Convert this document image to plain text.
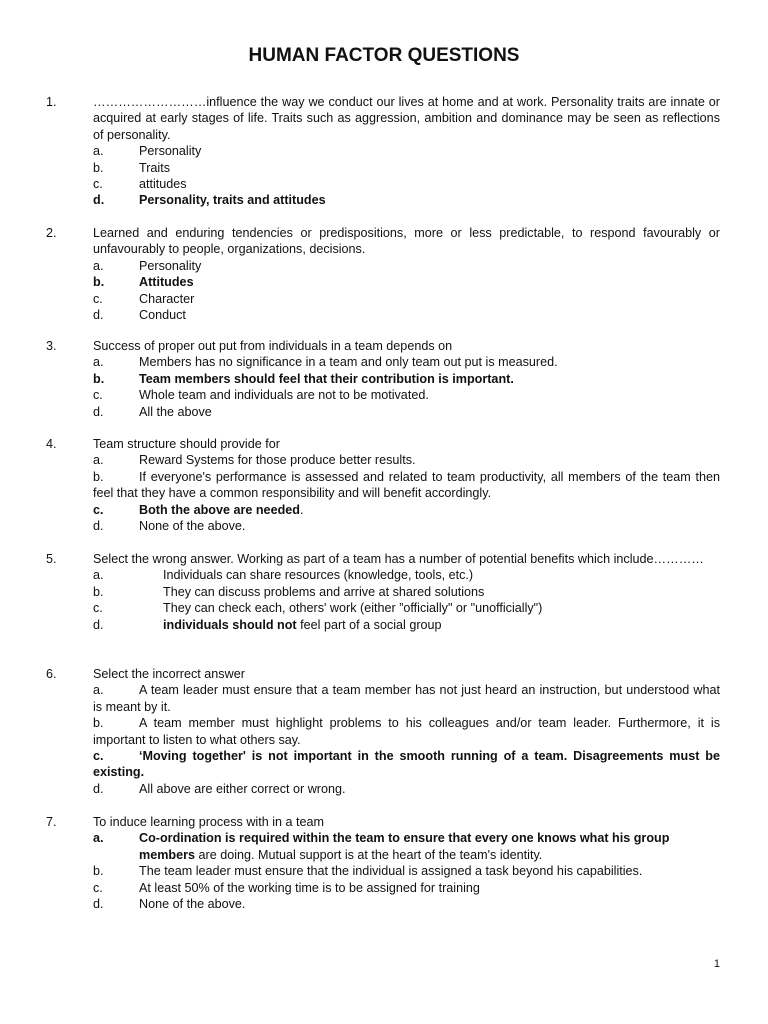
HUMAN FACTOR QUESTIONS
1.	………………………influence the way we conduct our lives at home and at work. Personality traits are innate or acquired at early stages of life. Traits such as aggression, ambition and dominance may be seen as reflections of personality.
a.	Personality
b.	Traits
c.	attitudes
d.	Personality, traits and attitudes
2.	Learned and enduring tendencies or predispositions, more or less predictable, to respond favourably or unfavourably to people, organizations, decisions.
a.	Personality
b.	Attitudes
c.	Character
d.	Conduct
3.	Success of proper out put from individuals in a team depends on
a.	Members has no significance in a team and only team out put is measured.
b.	Team members should feel that their contribution is important.
c.	Whole team and individuals are not to be motivated.
d.	All the above
4.	Team structure should provide for
a.	Reward Systems for those produce better results.
b.	If everyone's performance is assessed and related to team productivity, all members of the team then feel that they have a common responsibility and will benefit accordingly.
c.	Both the above are needed.
d.	None of the above.
5.	Select the wrong answer. Working as part of a team has a number of potential benefits which include…………
a.	Individuals can share resources (knowledge, tools, etc.)
b.	They can discuss problems and arrive at shared solutions
c.	They can check each, others' work (either ”officially" or "unofficially")
d.	individuals should not feel part of a social group
6.	Select the incorrect answer
a.	A team leader must ensure that a team member has not just heard an instruction, but understood what is meant by it.
b.	A team member must highlight problems to his colleagues and/or team leader. Furthermore, it is important to listen to what others say.
c.	‘Moving together' is not important in the smooth running of a team. Disagreements must be existing.
d.	All above are either correct or wrong.
7.	To induce learning process with in a team
a.	Co-ordination is required within the team to ensure that every one knows what his group
members are doing. Mutual support is at the heart of the team's identity.
b.	The team leader must ensure that the individual is assigned a task beyond his capabilities.
c.	At least 50% of the working time is to be assigned for training
d.	None of the above.
1
